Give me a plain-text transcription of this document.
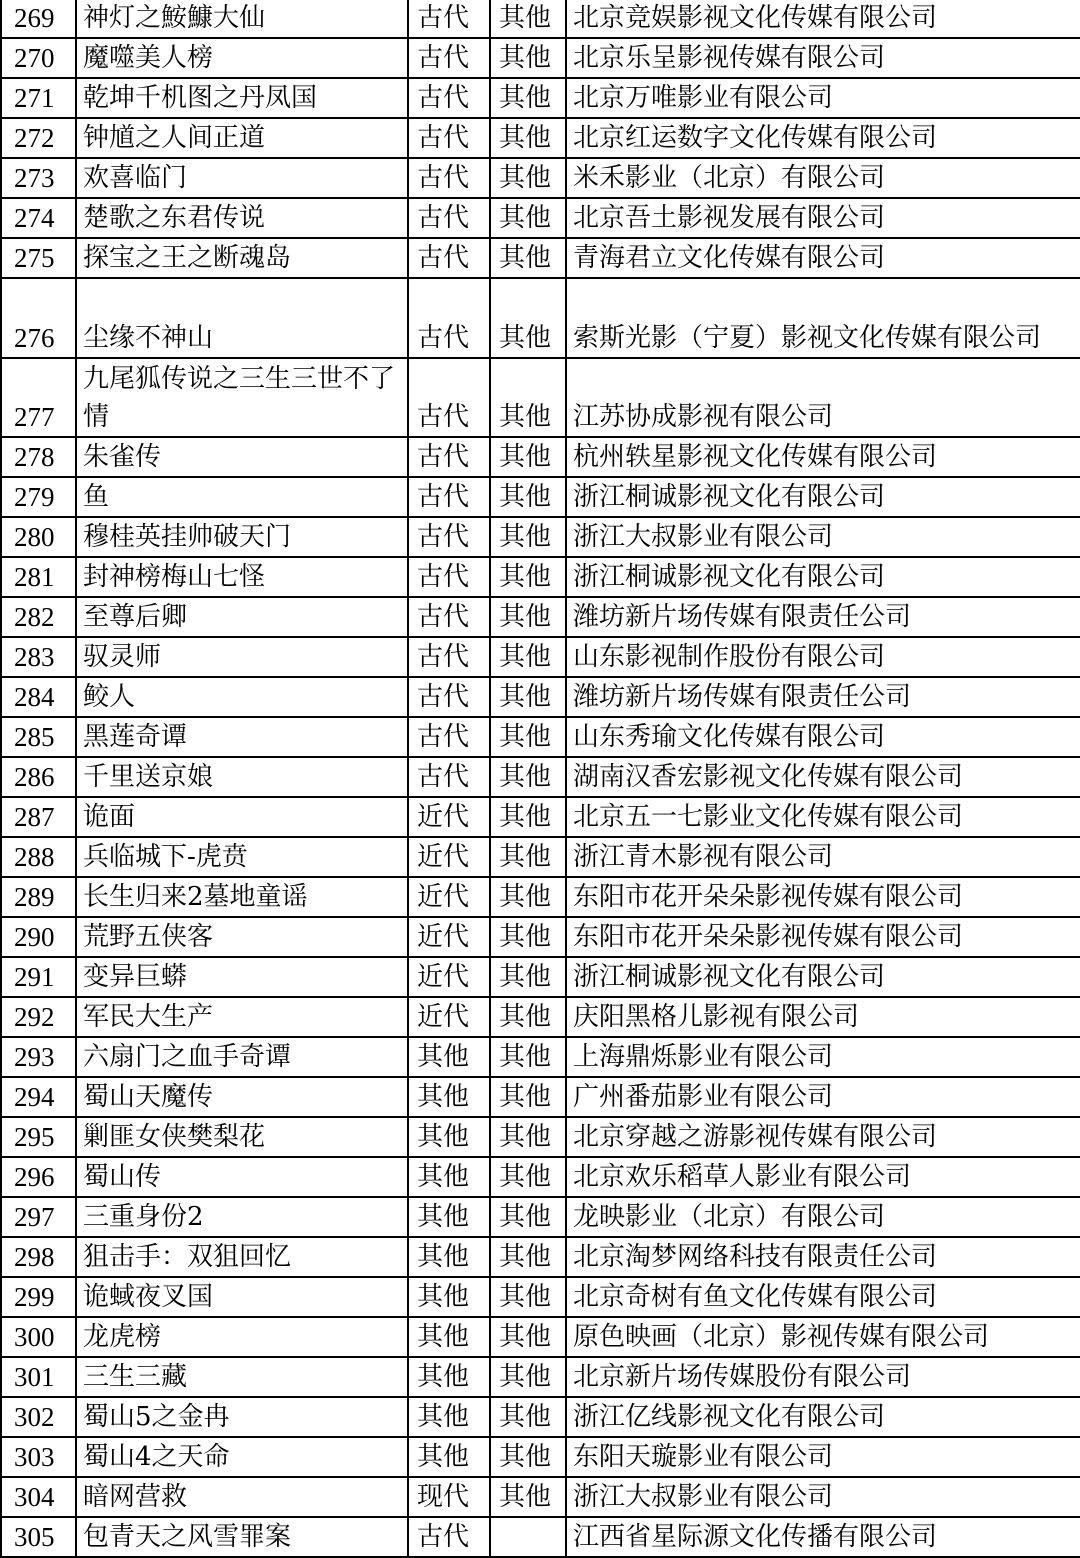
269	神灯之鮟鱇大仙	古代	其他	北京竞娱影视文化传媒有限公司
270	魔噬美人榜	古代	其他	北京乐呈影视传媒有限公司
271	乾坤千机图之丹凤国	古代	其他	北京万唯影业有限公司
272	钟馗之人间正道	古代	其他	北京红运数字文化传媒有限公司
273	欢喜临门	古代	其他	米禾影业（北京）有限公司
274	楚歌之东君传说	古代	其他	北京吾土影视发展有限公司
275	探宝之王之断魂岛	古代	其他	青海君立文化传媒有限公司
276	尘缘不神山	古代	其他	索斯光影（宁夏）影视文化传媒有限公司
277	九尾狐传说之三生三世不了情	古代	其他	江苏协成影视有限公司
278	朱雀传	古代	其他	杭州轶星影视文化传媒有限公司
279	鱼	古代	其他	浙江桐诚影视文化有限公司
280	穆桂英挂帅破天门	古代	其他	浙江大叔影业有限公司
281	封神榜梅山七怪	古代	其他	浙江桐诚影视文化有限公司
282	至尊后卿	古代	其他	潍坊新片场传媒有限责任公司
283	驭灵师	古代	其他	山东影视制作股份有限公司
284	鲛人	古代	其他	潍坊新片场传媒有限责任公司
285	黑莲奇谭	古代	其他	山东秀瑜文化传媒有限公司
286	千里送京娘	古代	其他	湖南汉香宏影视文化传媒有限公司
287	诡面	近代	其他	北京五一七影业文化传媒有限公司
288	兵临城下-虎贲	近代	其他	浙江青木影视有限公司
289	长生归来2墓地童谣	近代	其他	东阳市花开朵朵影视传媒有限公司
290	荒野五侠客	近代	其他	东阳市花开朵朵影视传媒有限公司
291	变异巨蟒	近代	其他	浙江桐诚影视文化有限公司
292	军民大生产	近代	其他	庆阳黑格儿影视有限公司
293	六扇门之血手奇谭	其他	其他	上海鼎烁影业有限公司
294	蜀山天魔传	其他	其他	广州番茄影业有限公司
295	剿匪女侠樊梨花	其他	其他	北京穿越之游影视传媒有限公司
296	蜀山传	其他	其他	北京欢乐稻草人影业有限公司
297	三重身份2	其他	其他	龙映影业（北京）有限公司
298	狙击手：双狙回忆	其他	其他	北京淘梦网络科技有限责任公司
299	诡蜮夜叉国	其他	其他	北京奇树有鱼文化传媒有限公司
300	龙虎榜	其他	其他	原色映画（北京）影视传媒有限公司
301	三生三藏	其他	其他	北京新片场传媒股份有限公司
302	蜀山5之金冉	其他	其他	浙江亿线影视文化有限公司
303	蜀山4之天命	其他	其他	东阳天璇影业有限公司
304	暗网营救	现代	其他	浙江大叔影业有限公司
305	包青天之风雪罪案	古代		江西省星际源文化传播有限公司
